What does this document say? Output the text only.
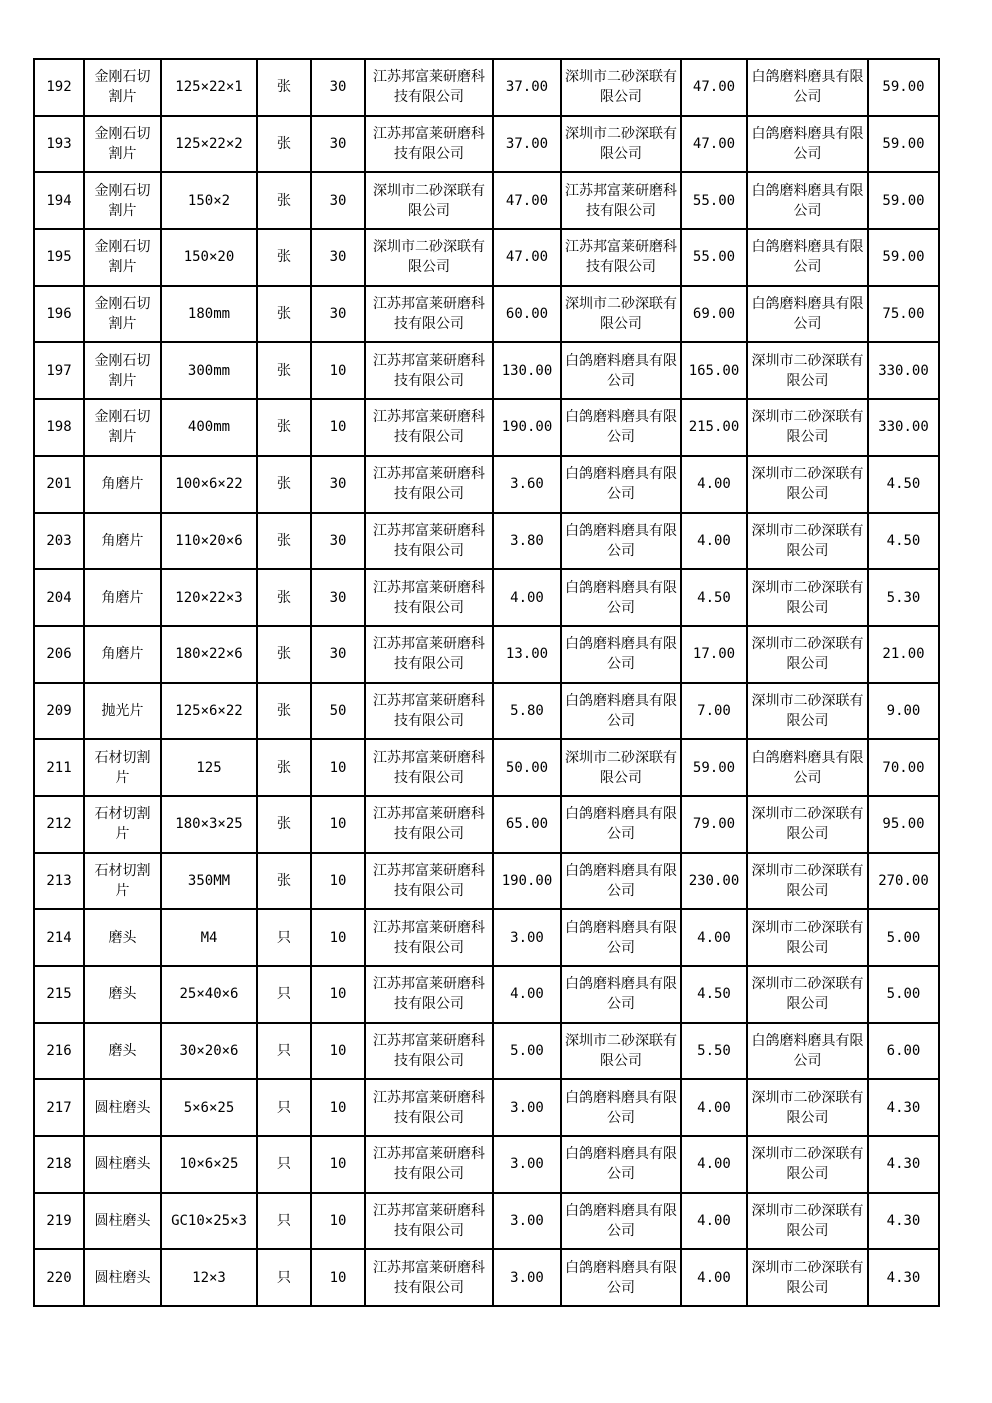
192	金刚石切割片	125×22×1	张	30	江苏邦富莱研磨科技有限公司	37.00	深圳市二砂深联有限公司	47.00	白鸽磨料磨具有限公司	59.00
193	金刚石切割片	125×22×2	张	30	江苏邦富莱研磨科技有限公司	37.00	深圳市二砂深联有限公司	47.00	白鸽磨料磨具有限公司	59.00
194	金刚石切割片	150×2	张	30	深圳市二砂深联有限公司	47.00	江苏邦富莱研磨科技有限公司	55.00	白鸽磨料磨具有限公司	59.00
195	金刚石切割片	150×20	张	30	深圳市二砂深联有限公司	47.00	江苏邦富莱研磨科技有限公司	55.00	白鸽磨料磨具有限公司	59.00
196	金刚石切割片	180mm	张	30	江苏邦富莱研磨科技有限公司	60.00	深圳市二砂深联有限公司	69.00	白鸽磨料磨具有限公司	75.00
197	金刚石切割片	300mm	张	10	江苏邦富莱研磨科技有限公司	130.00	白鸽磨料磨具有限公司	165.00	深圳市二砂深联有限公司	330.00
198	金刚石切割片	400mm	张	10	江苏邦富莱研磨科技有限公司	190.00	白鸽磨料磨具有限公司	215.00	深圳市二砂深联有限公司	330.00
201	角磨片	100×6×22	张	30	江苏邦富莱研磨科技有限公司	3.60	白鸽磨料磨具有限公司	4.00	深圳市二砂深联有限公司	4.50
203	角磨片	110×20×6	张	30	江苏邦富莱研磨科技有限公司	3.80	白鸽磨料磨具有限公司	4.00	深圳市二砂深联有限公司	4.50
204	角磨片	120×22×3	张	30	江苏邦富莱研磨科技有限公司	4.00	白鸽磨料磨具有限公司	4.50	深圳市二砂深联有限公司	5.30
206	角磨片	180×22×6	张	30	江苏邦富莱研磨科技有限公司	13.00	白鸽磨料磨具有限公司	17.00	深圳市二砂深联有限公司	21.00
209	抛光片	125×6×22	张	50	江苏邦富莱研磨科技有限公司	5.80	白鸽磨料磨具有限公司	7.00	深圳市二砂深联有限公司	9.00
211	石材切割片	125	张	10	江苏邦富莱研磨科技有限公司	50.00	深圳市二砂深联有限公司	59.00	白鸽磨料磨具有限公司	70.00
212	石材切割片	180×3×25	张	10	江苏邦富莱研磨科技有限公司	65.00	白鸽磨料磨具有限公司	79.00	深圳市二砂深联有限公司	95.00
213	石材切割片	350MM	张	10	江苏邦富莱研磨科技有限公司	190.00	白鸽磨料磨具有限公司	230.00	深圳市二砂深联有限公司	270.00
214	磨头	M4	只	10	江苏邦富莱研磨科技有限公司	3.00	白鸽磨料磨具有限公司	4.00	深圳市二砂深联有限公司	5.00
215	磨头	25×40×6	只	10	江苏邦富莱研磨科技有限公司	4.00	白鸽磨料磨具有限公司	4.50	深圳市二砂深联有限公司	5.00
216	磨头	30×20×6	只	10	江苏邦富莱研磨科技有限公司	5.00	深圳市二砂深联有限公司	5.50	白鸽磨料磨具有限公司	6.00
217	圆柱磨头	5×6×25	只	10	江苏邦富莱研磨科技有限公司	3.00	白鸽磨料磨具有限公司	4.00	深圳市二砂深联有限公司	4.30
218	圆柱磨头	10×6×25	只	10	江苏邦富莱研磨科技有限公司	3.00	白鸽磨料磨具有限公司	4.00	深圳市二砂深联有限公司	4.30
219	圆柱磨头	GC10×25×3	只	10	江苏邦富莱研磨科技有限公司	3.00	白鸽磨料磨具有限公司	4.00	深圳市二砂深联有限公司	4.30
220	圆柱磨头	12×3	只	10	江苏邦富莱研磨科技有限公司	3.00	白鸽磨料磨具有限公司	4.00	深圳市二砂深联有限公司	4.30
